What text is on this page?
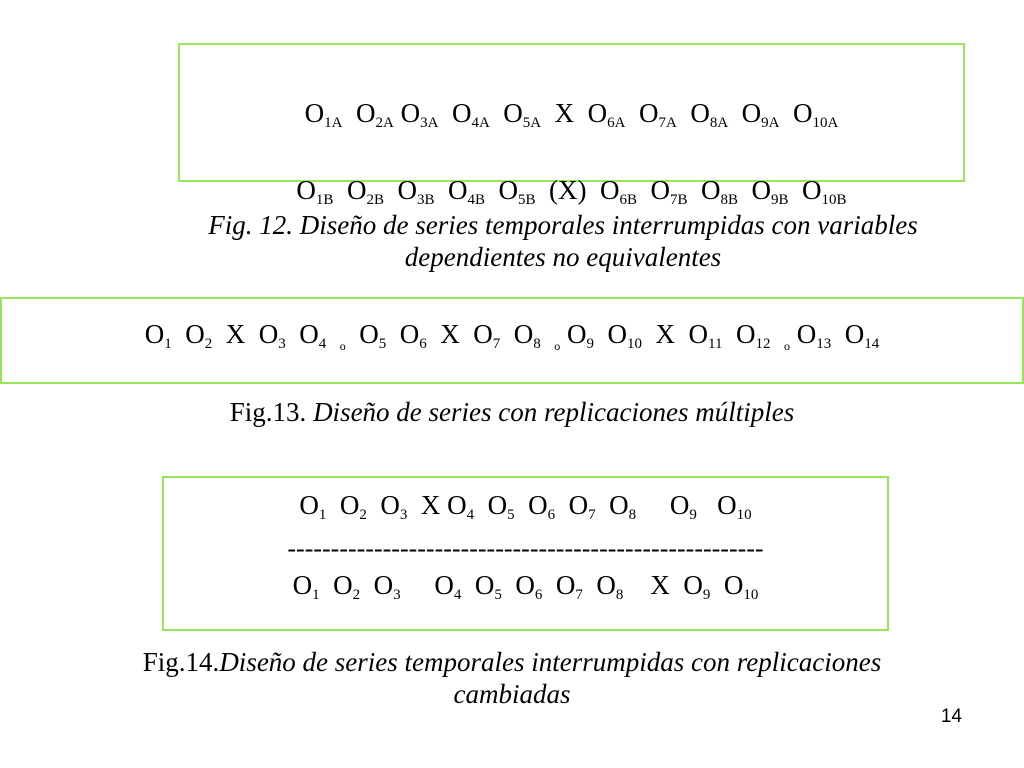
$O_{1A}$ $O_{2A}$ $O_{3A}$ $O_{4A}$ $O_{5A}$ X $O_{6A}$ $O_{7A}$ $O_{8A}$ $O_{9A}$ $O_{10A}$
$O_{1B}$ $O_{2B}$ $O_{3B}$ $O_{4B}$ $O_{5B}$ (X) $O_{6B}$ $O_{7B}$ $O_{8B}$ $O_{9B}$ $O_{10B}$
Fig. 12. Diseño de series temporales interrumpidas con variables
dependientes no equivalentes
$O_1$ $O_2$ X $O_3$ $O_4$ $_o$ $O_5$ $O_6$ X $O_7$ $O_8$ $_o$ $O_9$ $O_{10}$ X $O_{11}$ $O_{12}$ $_o$ $O_{13}$ $O_{14}$
Fig.13. Diseño de series con replicaciones múltiples
$O_1$ $O_2$ $O_3$ X $O_4$ $O_5$ $O_6$ $O_7$ $O_8$ $O_9$ $O_{10}$
-------------------------------------------------------
$O_1$ $O_2$ $O_3$ $O_4$ $O_5$ $O_6$ $O_7$ $O_8$ X $O_9$ $O_{10}$
Fig.14.Diseño de series temporales interrumpidas con replicaciones
cambiadas
14
